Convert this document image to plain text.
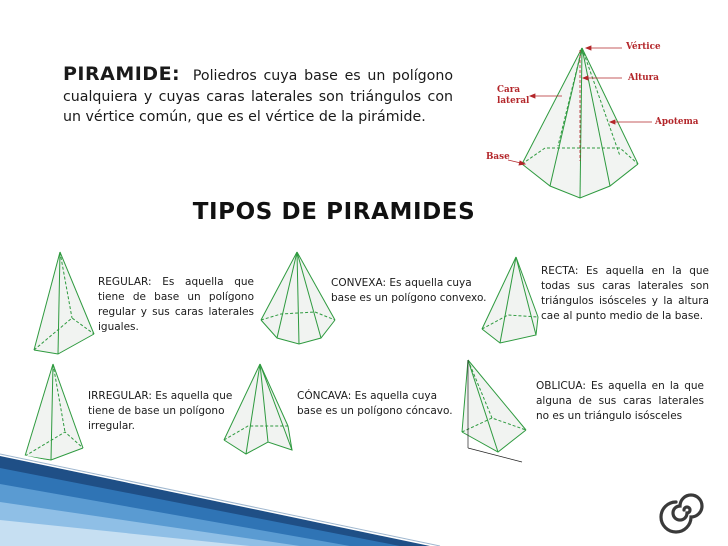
PIRAMIDE: Poliedros cuya base es un polígono cualquiera y cuyas caras laterales son triángulos con un vértice común, que es el vértice de la pirámide.
Vértice
Altura
Cara lateral
Apotema
Base
TIPOS DE PIRAMIDES
REGULAR: Es aquella que tiene de base un polígono regular y sus caras laterales iguales.
CONVEXA: Es aquella cuya base es un polígono convexo.
RECTA: Es aquella en la que todas sus caras laterales son triángulos isósceles y la altura cae al punto medio de la base.
IRREGULAR: Es aquella que tiene de base un polígono irregular.
CÓNCAVA: Es aquella cuya base es un polígono cóncavo.
OBLICUA: Es aquella en la que alguna de sus caras laterales no es un triángulo isósceles
